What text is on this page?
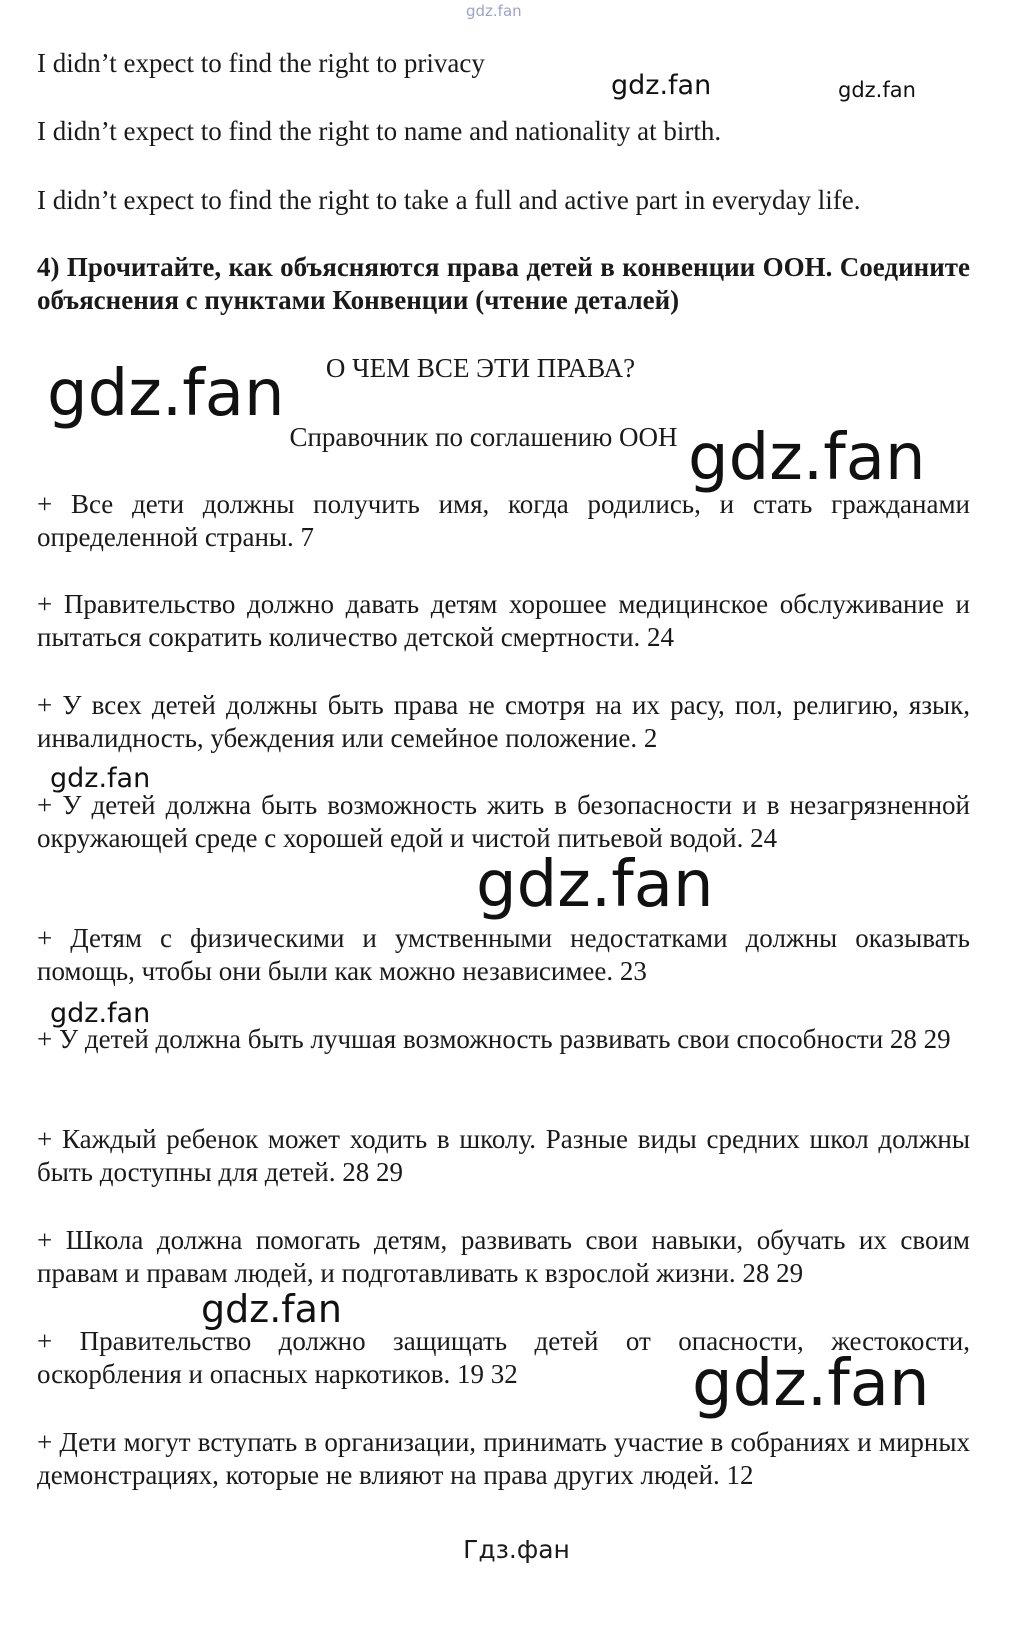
gdz.fan
gdz.fan	gdz.fan
I didn’t expect to find the right to privacy
I didn’t expect to find the right to name and nationality at birth.
I didn’t expect to find the right to take a full and active part in everyday life.
4) Прочитайте, как объясняются права детей в конвенции ООН. Соедините объяснения с пунктами Конвенции (чтение деталей)
gdz.fan	О ЧЕМ ВСЕ ЭТИ ПРАВА?
Справочник по соглашению ООН gdz.fan
+ Все дети должны получить имя, когда родились, и стать гражданами определенной страны. 7
+ Правительство должно давать детям хорошее медицинское обслуживание и пытаться сократить количество детской смертности. 24
+ У всех детей должны быть права не смотря на их расу, пол, религию, язык, инвалидность, убеждения или семейное положение. 2
gdz.fan
+ У детей должна быть возможность жить в безопасности и в незагрязненной окружающей среде с хорошей едой и чистой питьевой водой. 24
gdz.fan
+ Детям с физическими и умственными недостатками должны оказывать помощь, чтобы они были как можно независимее. 23
gdz.fan
+ У детей должна быть лучшая возможность развивать свои способности 28 29
+ Каждый ребенок может ходить в школу. Разные виды средних школ должны быть доступны для детей. 28 29
+ Школа должна помогать детям, развивать свои навыки, обучать их своим правам и правам людей, и подготавливать к взрослой жизни. 28 29
gdz.fan
+ Правительство должно защищать детей от опасности, жестокости, оскорбления и опасных наркотиков. 19 32	gdz.fan
+ Дети могут вступать в организации, принимать участие в собраниях и мирных демонстрациях, которые не влияют на права других людей. 12
Гдз.фан
